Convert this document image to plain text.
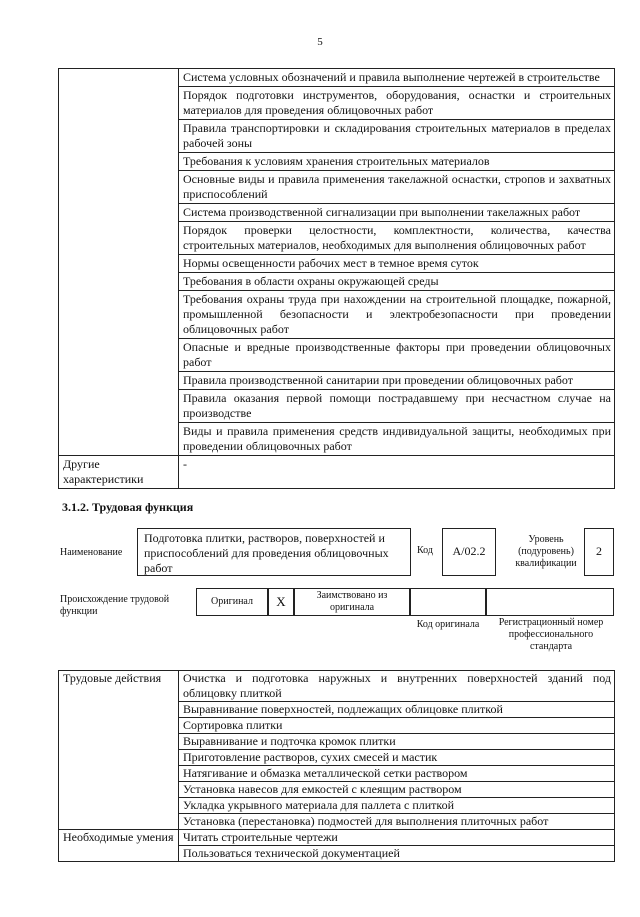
5
	Система условных обозначений и правила выполнение чертежей в строительстве
	Порядок подготовки инструментов, оборудования, оснастки и строительных материалов для проведения облицовочных работ
	Правила транспортировки и складирования строительных материалов в пределах рабочей зоны
	Требования к условиям хранения строительных материалов
	Основные виды и правила применения такелажной оснастки, стропов и захватных приспособлений
	Система производственной сигнализации при выполнении такелажных работ
	Порядок проверки целостности, комплектности, количества, качества строительных материалов, необходимых для выполнения облицовочных работ
	Нормы освещенности рабочих мест в темное время суток
	Требования в области охраны окружающей среды
	Требования охраны труда при нахождении на строительной площадке, пожарной, промышленной безопасности и электробезопасности при проведении облицовочных работ
	Опасные и вредные производственные факторы при проведении облицовочных работ
	Правила производственной санитарии при проведении облицовочных работ
	Правила оказания первой помощи пострадавшему при несчастном случае на производстве
	Виды и правила применения средств индивидуальной защиты, необходимых при проведении облицовочных работ
Другие характеристики	-
3.1.2. Трудовая функция
Наименование
Подготовка плитки, растворов, поверхностей и приспособлений для проведения облицовочных работ
Код	A/02.2
Уровень (подуровень) квалификации
2
Происхождение трудовой функции
Оригинал	X	Заимствовано из оригинала
Код оригинала	Регистрационный номер профессионального стандарта
Трудовые действия	Очистка и подготовка наружных и внутренних поверхностей зданий под облицовку плиткой
	Выравнивание поверхностей, подлежащих облицовке плиткой
	Сортировка плитки
	Выравнивание и подточка кромок плитки
	Приготовление растворов, сухих смесей и мастик
	Натягивание и обмазка металлической сетки раствором
	Установка навесов для емкостей с клеящим раствором
	Укладка укрывного материала для паллета с плиткой
	Установка (перестановка) подмостей для выполнения плиточных работ
Необходимые умения	Читать строительные чертежи
	Пользоваться технической документацией
